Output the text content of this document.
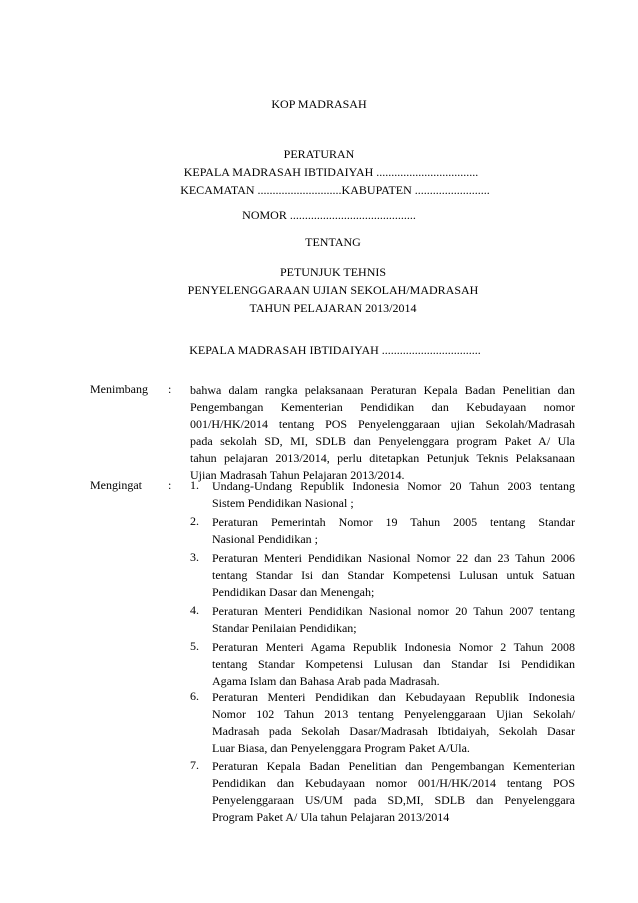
KOP MADRASAH
PERATURAN
KEPALA MADRASAH IBTIDAIYAH ..................................
KECAMATAN ............................KABUPATEN .........................
NOMOR ..........................................
TENTANG
PETUNJUK TEHNIS
PENYELENGGARAAN UJIAN SEKOLAH/MADRASAH
TAHUN PELAJARAN 2013/2014
KEPALA MADRASAH IBTIDAIYAH .................................
Menimbang : bahwa dalam rangka pelaksanaan Peraturan Kepala Badan Penelitian dan
Pengembangan Kementerian Pendidikan dan Kebudayaan nomor
001/H/HK/2014 tentang POS Penyelenggaraan ujian Sekolah/Madrasah
pada sekolah SD, MI, SDLB dan Penyelenggara program Paket A/ Ula
tahun pelajaran 2013/2014, perlu ditetapkan Petunjuk Teknis Pelaksanaan
Ujian Madrasah Tahun Pelajaran 2013/2014.
Mengingat : 1. Undang-Undang Republik Indonesia Nomor 20 Tahun 2003 tentang
Sistem Pendidikan Nasional ;
2. Peraturan Pemerintah Nomor 19 Tahun 2005 tentang Standar
Nasional Pendidikan ;
3. Peraturan Menteri Pendidikan Nasional Nomor 22 dan 23 Tahun 2006
tentang Standar Isi dan Standar Kompetensi Lulusan untuk Satuan
Pendidikan Dasar dan Menengah;
4. Peraturan Menteri Pendidikan Nasional nomor 20 Tahun 2007 tentang
Standar Penilaian Pendidikan;
5. Peraturan Menteri Agama Republik Indonesia Nomor 2 Tahun 2008
tentang Standar Kompetensi Lulusan dan Standar Isi Pendidikan
Agama Islam dan Bahasa Arab pada Madrasah.
6. Peraturan Menteri Pendidikan dan Kebudayaan Republik Indonesia
Nomor 102 Tahun 2013 tentang Penyelenggaraan Ujian Sekolah/
Madrasah pada Sekolah Dasar/Madrasah Ibtidaiyah, Sekolah Dasar
Luar Biasa, dan Penyelenggara Program Paket A/Ula.
7. Peraturan Kepala Badan Penelitian dan Pengembangan Kementerian
Pendidikan dan Kebudayaan nomor 001/H/HK/2014 tentang POS
Penyelenggaraan US/UM pada SD,MI, SDLB dan Penyelenggara
Program Paket A/ Ula tahun Pelajaran 2013/2014
